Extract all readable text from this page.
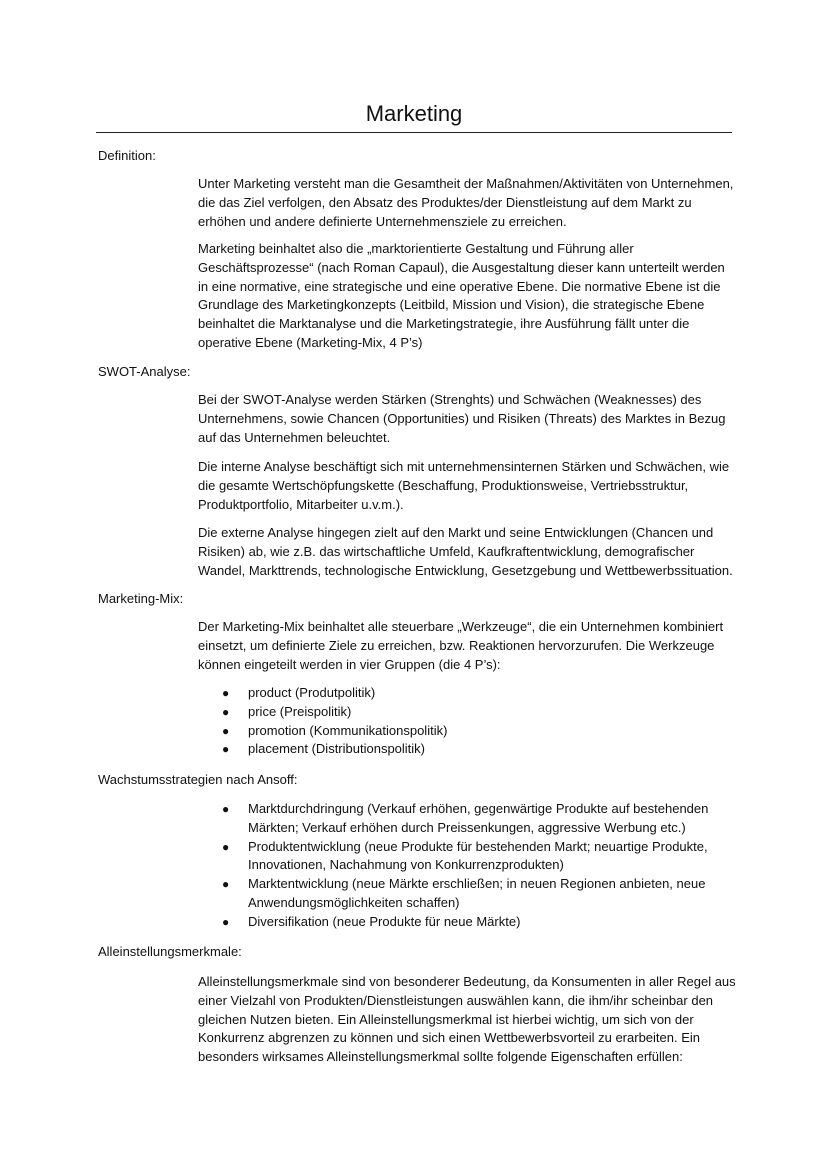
Marketing
Definition:
Unter Marketing versteht man die Gesamtheit der Maßnahmen/Aktivitäten von Unternehmen, die das Ziel verfolgen, den Absatz des Produktes/der Dienstleistung auf dem Markt zu erhöhen und andere definierte Unternehmensziele zu erreichen.
Marketing beinhaltet also die „marktorientierte Gestaltung und Führung aller Geschäftsprozesse“ (nach Roman Capaul), die Ausgestaltung dieser kann unterteilt werden in eine normative, eine strategische und eine operative Ebene. Die normative Ebene ist die Grundlage des Marketingkonzepts (Leitbild, Mission und Vision), die strategische Ebene beinhaltet die Marktanalyse und die Marketingstrategie, ihre Ausführung fällt unter die operative Ebene (Marketing-Mix, 4 P’s)
SWOT-Analyse:
Bei der SWOT-Analyse werden Stärken (Strenghts) und Schwächen (Weaknesses) des Unternehmens, sowie Chancen (Opportunities) und Risiken (Threats) des Marktes in Bezug auf das Unternehmen beleuchtet.
Die interne Analyse beschäftigt sich mit unternehmensinternen Stärken und Schwächen, wie die gesamte Wertschöpfungskette (Beschaffung, Produktionsweise, Vertriebsstruktur, Produktportfolio, Mitarbeiter u.v.m.).
Die externe Analyse hingegen zielt auf den Markt und seine Entwicklungen (Chancen und Risiken) ab, wie z.B. das wirtschaftliche Umfeld, Kaufkraftentwicklung, demografischer Wandel, Markttrends, technologische Entwicklung, Gesetzgebung und Wettbewerbssituation.
Marketing-Mix:
Der Marketing-Mix beinhaltet alle steuerbare „Werkzeuge“, die ein Unternehmen kombiniert einsetzt, um definierte Ziele zu erreichen, bzw. Reaktionen hervorzurufen. Die Werkzeuge können eingeteilt werden in vier Gruppen (die 4 P’s):
● product (Produtpolitik)
● price (Preispolitik)
● promotion (Kommunikationspolitik)
● placement (Distributionspolitik)
Wachstumsstrategien nach Ansoff:
● Marktdurchdringung (Verkauf erhöhen, gegenwärtige Produkte auf bestehenden Märkten; Verkauf erhöhen durch Preissenkungen, aggressive Werbung etc.)
● Produktentwicklung (neue Produkte für bestehenden Markt; neuartige Produkte, Innovationen, Nachahmung von Konkurrenzprodukten)
● Marktentwicklung (neue Märkte erschließen; in neuen Regionen anbieten, neue Anwendungsmöglichkeiten schaffen)
● Diversifikation (neue Produkte für neue Märkte)
Alleinstellungsmerkmale:
Alleinstellungsmerkmale sind von besonderer Bedeutung, da Konsumenten in aller Regel aus einer Vielzahl von Produkten/Dienstleistungen auswählen kann, die ihm/ihr scheinbar den gleichen Nutzen bieten. Ein Alleinstellungsmerkmal ist hierbei wichtig, um sich von der Konkurrenz abgrenzen zu können und sich einen Wettbewerbsvorteil zu erarbeiten. Ein besonders wirksames Alleinstellungsmerkmal sollte folgende Eigenschaften erfüllen:
